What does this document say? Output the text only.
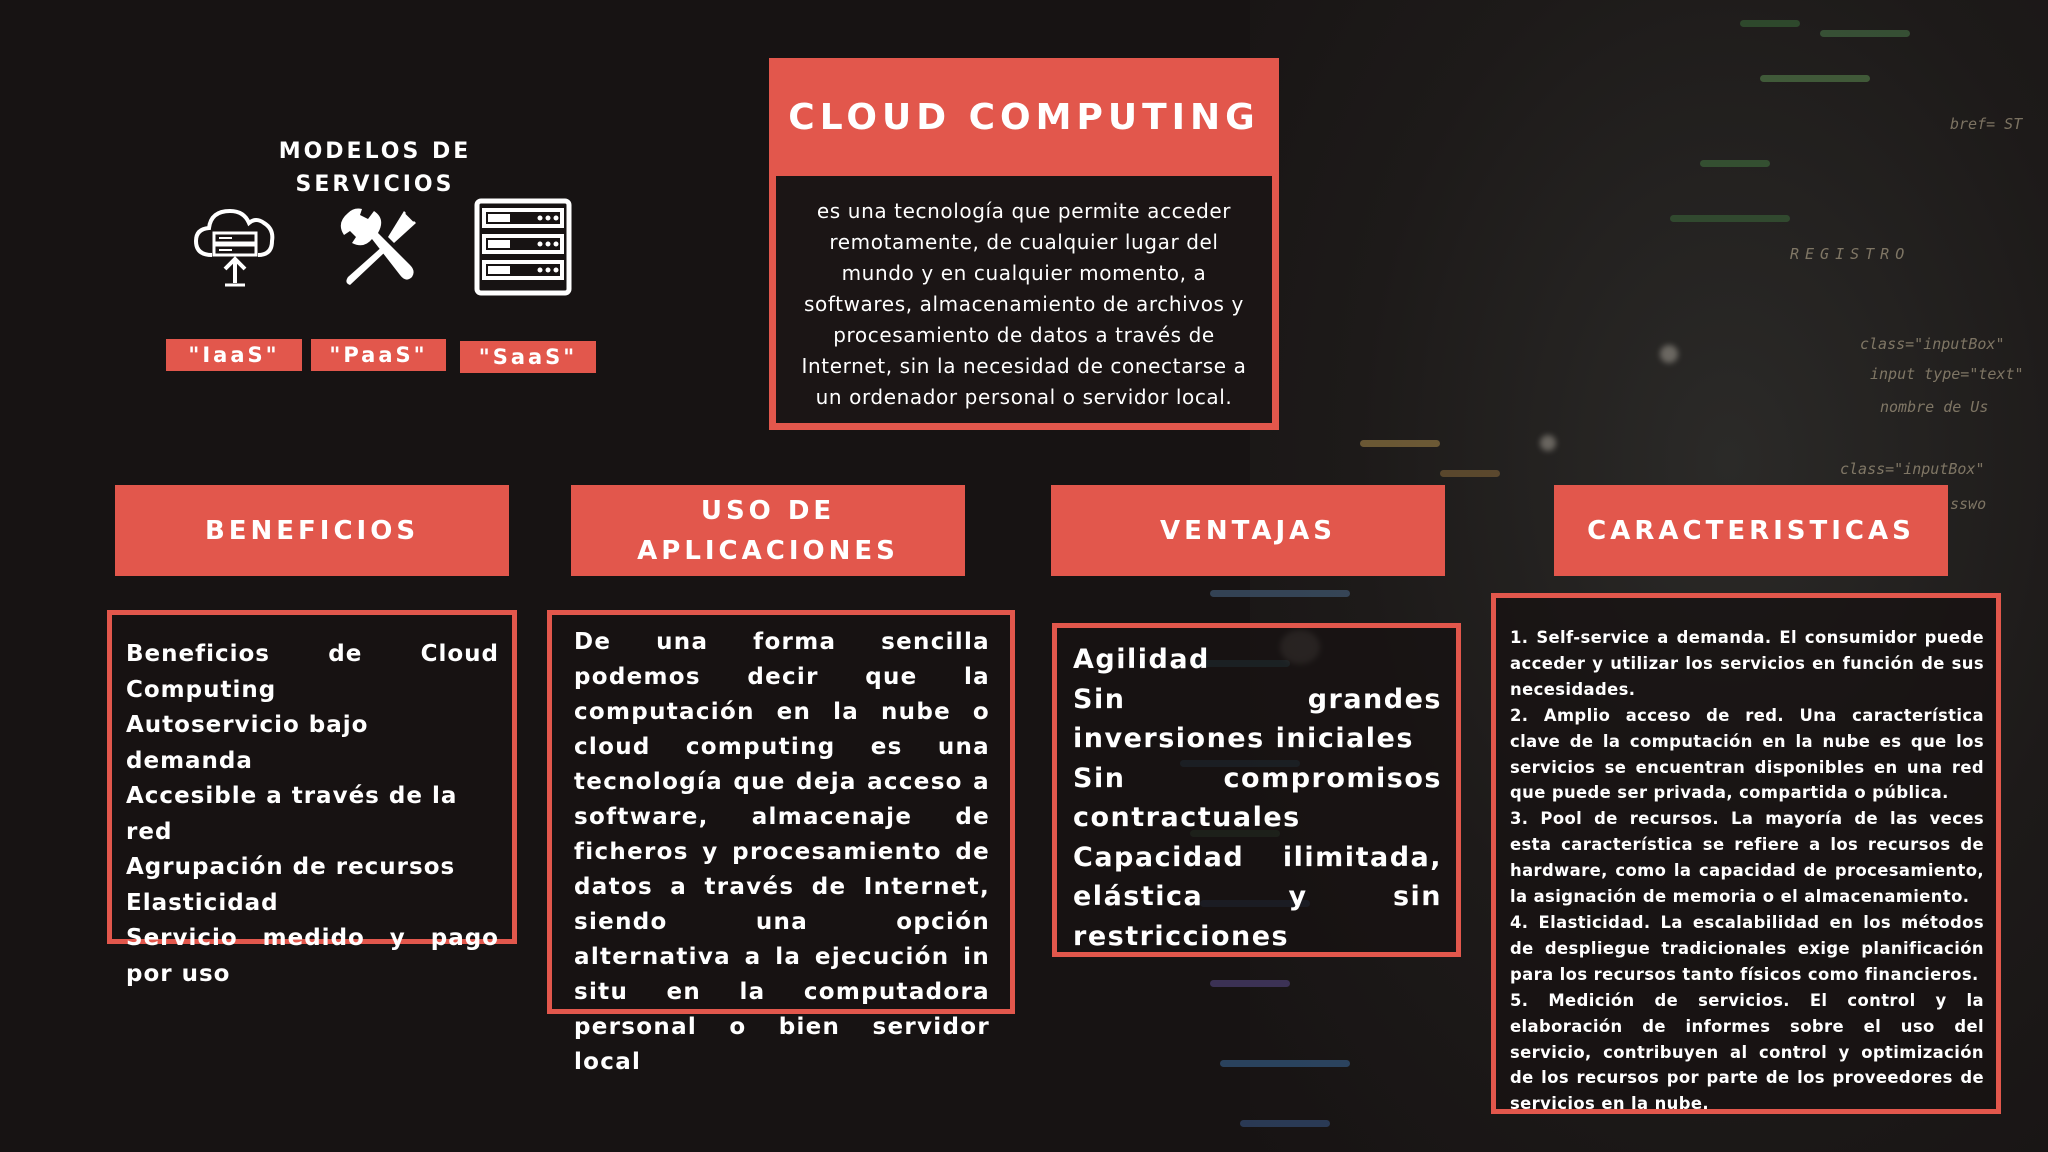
bref= ST
REGISTRO
class="inputBox"
input type="text"
nombre de Us
class="inputBox"
sswo
MODELOS DE SERVICIOS
"IaaS"	"PaaS"	"SaaS"
CLOUD COMPUTING
es una tecnología que permite acceder remotamente, de cualquier lugar del mundo y en cualquier momento, a softwares, almacenamiento de archivos y procesamiento de datos a través de Internet, sin la necesidad de conectarse a un ordenador personal o servidor local.
BENEFICIOS
USO DE APLICACIONES
VENTAJAS	CARACTERISTICAS
Beneficios de Cloud Computing
Autoservicio bajo demanda
Accesible a través de la red
Agrupación de recursos
Elasticidad
Servicio medido y pago por uso
De una forma sencilla podemos decir que la computación en la nube o cloud computing es una tecnología que deja acceso a software, almacenaje de ficheros y procesamiento de datos a través de Internet, siendo una opción alternativa a la ejecución in situ en la computadora personal o bien servidor local
Agilidad
Sin grandes inversiones iniciales
Sin compromisos contractuales
Capacidad ilimitada, elástica y sin restricciones
1. Self-service a demanda. El consumidor puede acceder y utilizar los servicios en función de sus necesidades.
2. Amplio acceso de red. Una característica clave de la computación en la nube es que los servicios se encuentran disponibles en una red que puede ser privada, compartida o pública.
3. Pool de recursos. La mayoría de las veces esta característica se refiere a los recursos de hardware, como la capacidad de procesamiento, la asignación de memoria o el almacenamiento.
4. Elasticidad. La escalabilidad en los métodos de despliegue tradicionales exige planificación para los recursos tanto físicos como financieros.
5. Medición de servicios. El control y la elaboración de informes sobre el uso del servicio, contribuyen al control y optimización de los recursos por parte de los proveedores de servicios en la nube.
